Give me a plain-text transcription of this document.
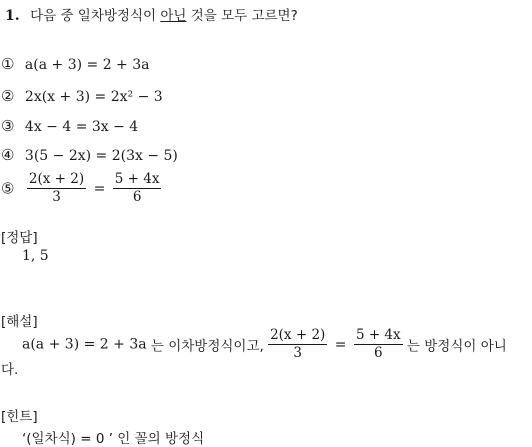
1. 다음 중 일차방정식이 아닌 것을 모두 고르면?
① a(a + 3) = 2 + 3a
② 2x(x + 3) = 2x² − 3
③ 4x − 4 = 3x − 4
④ 3(5 − 2x) = 2(3x − 5)
⑤ $\frac{2(x + 2)}{3} = \frac{5 + 4x}{6}$
[정답]
1, 5
[해설]
a(a + 3) = 2 + 3a 는 이차방정식이고, $\frac{2(x + 2)}{3} = \frac{5 + 4x}{6}$ 는 방정식이 아니
다.
[힌트]
‘(일차식) = 0 ’ 인 꼴의 방정식
